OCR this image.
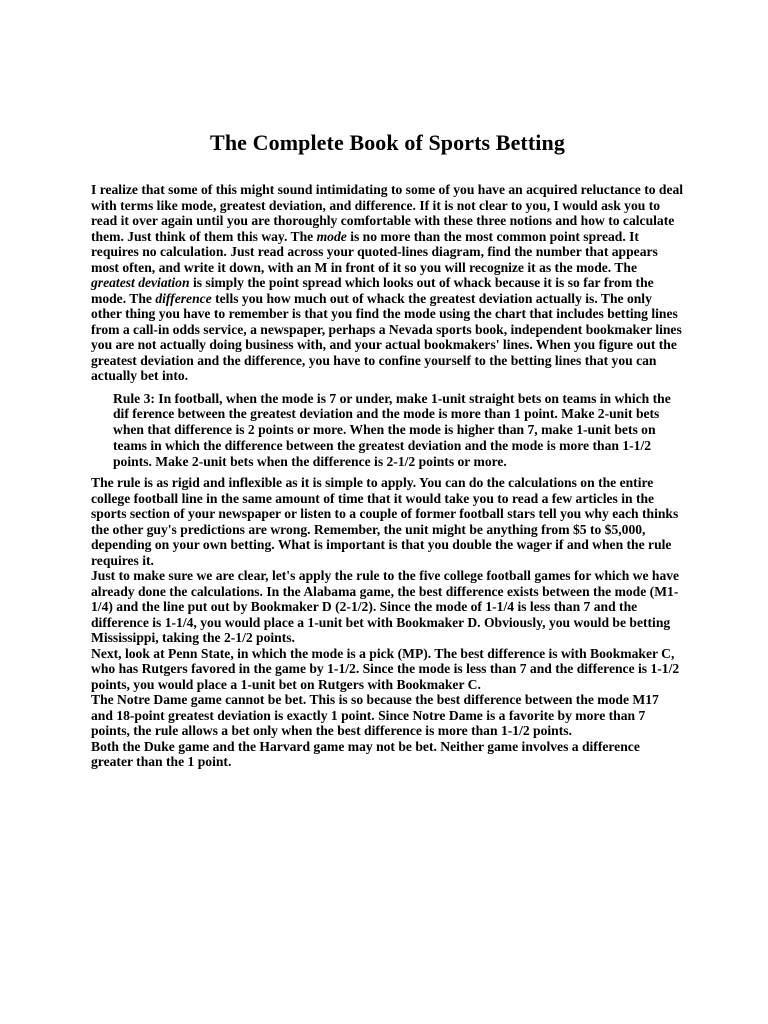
The Complete Book of Sports Betting

I realize that some of this might sound intimidating to some of you have an acquired reluctance to deal with terms like mode, greatest deviation, and difference. If it is not clear to you, I would ask you to read it over again until you are thoroughly comfortable with these three notions and how to calculate them. Just think of them this way. The mode is no more than the most common point spread. It requires no calculation. Just read across your quoted-lines diagram, find the number that appears most often, and write it down, with an M in front of it so you will recognize it as the mode. The greatest deviation is simply the point spread which looks out of whack because it is so far from the mode. The difference tells you how much out of whack the greatest deviation actually is. The only other thing you have to remember is that you find the mode using the chart that includes betting lines from a call-in odds service, a newspaper, perhaps a Nevada sports book, independent bookmaker lines you are not actually doing business with, and your actual bookmakers' lines. When you figure out the greatest deviation and the difference, you have to confine yourself to the betting lines that you can actually bet into.

Rule 3: In football, when the mode is 7 or under, make 1-unit straight bets on teams in which the dif ference between the greatest deviation and the mode is more than 1 point. Make 2-unit bets when that difference is 2 points or more. When the mode is higher than 7, make 1-unit bets on teams in which the difference between the greatest deviation and the mode is more than 1-1/2 points. Make 2-unit bets when the difference is 2-1/2 points or more.

The rule is as rigid and inflexible as it is simple to apply. You can do the calculations on the entire college football line in the same amount of time that it would take you to read a few articles in the sports section of your newspaper or listen to a couple of former football stars tell you why each thinks the other guy's predictions are wrong. Remember, the unit might be anything from $5 to $5,000, depending on your own betting. What is important is that you double the wager if and when the rule requires it.

Just to make sure we are clear, let's apply the rule to the five college football games for which we have already done the calculations. In the Alabama game, the best difference exists between the mode (M1-1/4) and the line put out by Bookmaker D (2-1/2). Since the mode of 1-1/4 is less than 7 and the difference is 1-1/4, you would place a 1-unit bet with Bookmaker D. Obviously, you would be betting Mississippi, taking the 2-1/2 points.

Next, look at Penn State, in which the mode is a pick (MP). The best difference is with Bookmaker C, who has Rutgers favored in the game by 1-1/2. Since the mode is less than 7 and the difference is 1-1/2 points, you would place a 1-unit bet on Rutgers with Bookmaker C.

The Notre Dame game cannot be bet. This is so because the best difference between the mode M17 and 18-point greatest deviation is exactly 1 point. Since Notre Dame is a favorite by more than 7 points, the rule allows a bet only when the best difference is more than 1-1/2 points.

Both the Duke game and the Harvard game may not be bet. Neither game involves a difference greater than the 1 point.
